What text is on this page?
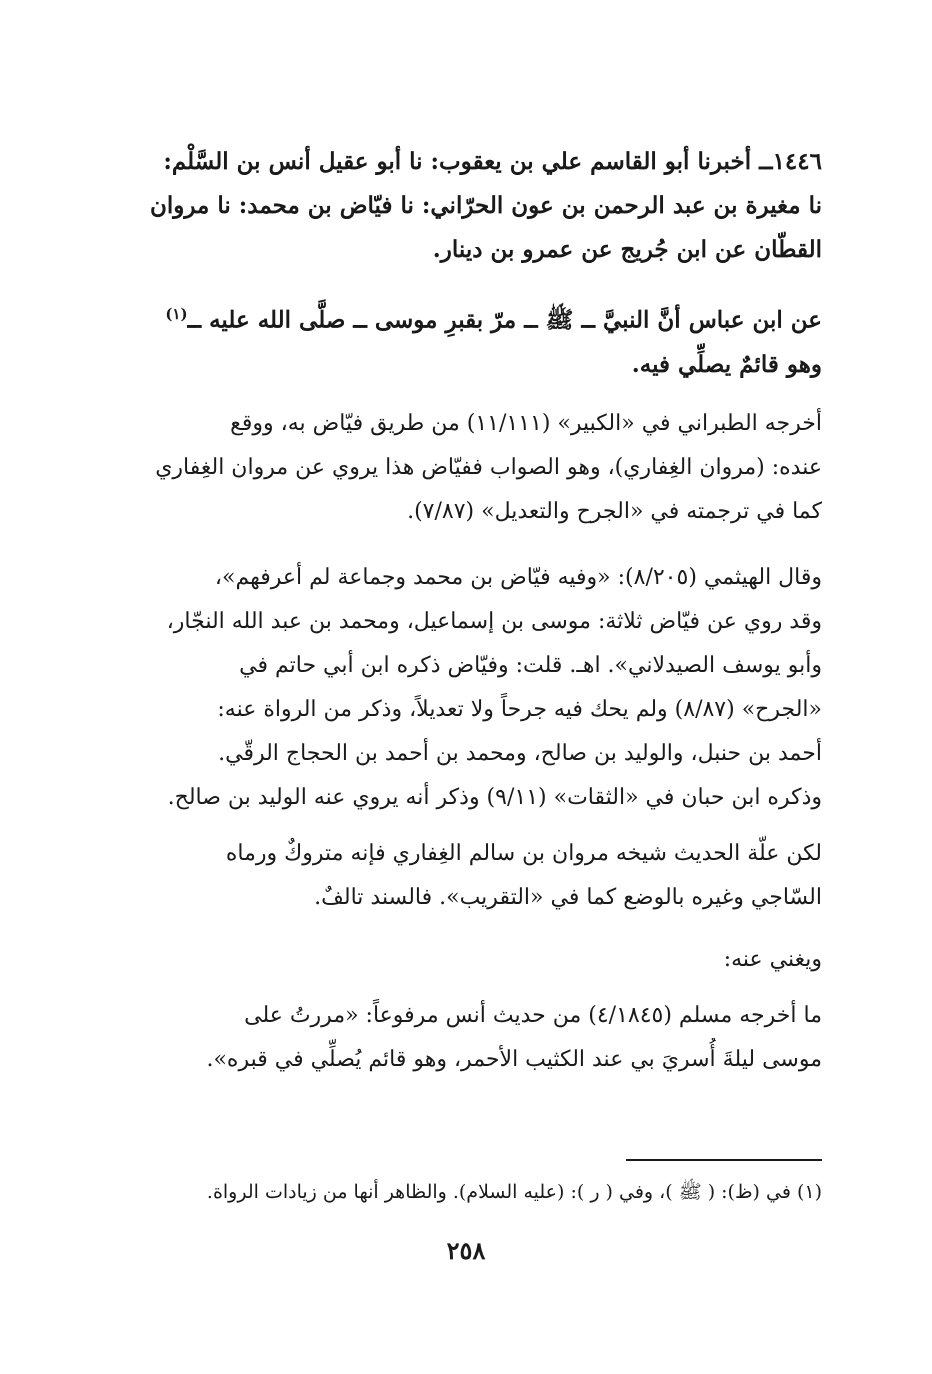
١٤٤٦ــ أخبرنا أبو القاسم علي بن يعقوب: نا أبو عقيل أنس بن السَّلْم:
نا مغيرة بن عبد الرحمن بن عون الحرّاني: نا فيّاض بن محمد: نا مروان
القطّان عن ابن جُريج عن عمرو بن دينار.
عن ابن عباس أنَّ النبيَّ ــ ﷺ ــ مرّ بقبرِ موسى ــ صلَّى الله عليه ــ$^{(١)}$
وهو قائمٌ يصلِّي فيه.
أخرجه الطبراني في «الكبير» (١١/١١١) من طريق فيّاض به، ووقع
عنده: (مروان الغِفاري)، وهو الصواب ففيّاض هذا يروي عن مروان الغِفاري
كما في ترجمته في «الجرح والتعديل» (٧/٨٧).
وقال الهيثمي (٨/٢٠٥): «وفيه فيّاض بن محمد وجماعة لم أعرفهم»،
وقد روي عن فيّاض ثلاثة: موسى بن إسماعيل، ومحمد بن عبد الله النجّار،
وأبو يوسف الصيدلاني». اهـ. قلت: وفيّاض ذكره ابن أبي حاتم في
«الجرح» (٨/٨٧) ولم يحك فيه جرحاً ولا تعديلاً، وذكر من الرواة عنه:
أحمد بن حنبل، والوليد بن صالح، ومحمد بن أحمد بن الحجاج الرقّي.
وذكره ابن حبان في «الثقات» (٩/١١) وذكر أنه يروي عنه الوليد بن صالح.
لكن علّة الحديث شيخه مروان بن سالم الغِفاري فإنه متروكٌ ورماه
السّاجي وغيره بالوضع كما في «التقريب». فالسند تالفٌ.
ويغني عنه:
ما أخرجه مسلم (٤/١٨٤٥) من حديث أنس مرفوعاً: «مررتُ على
موسى ليلةَ أُسريَ بي عند الكثيب الأحمر، وهو قائم يُصلِّي في قبره».
(١) في (ظ): ( ﷺ )، وفي ( ر ): (عليه السلام). والظاهر أنها من زيادات الرواة.
٢٥٨
